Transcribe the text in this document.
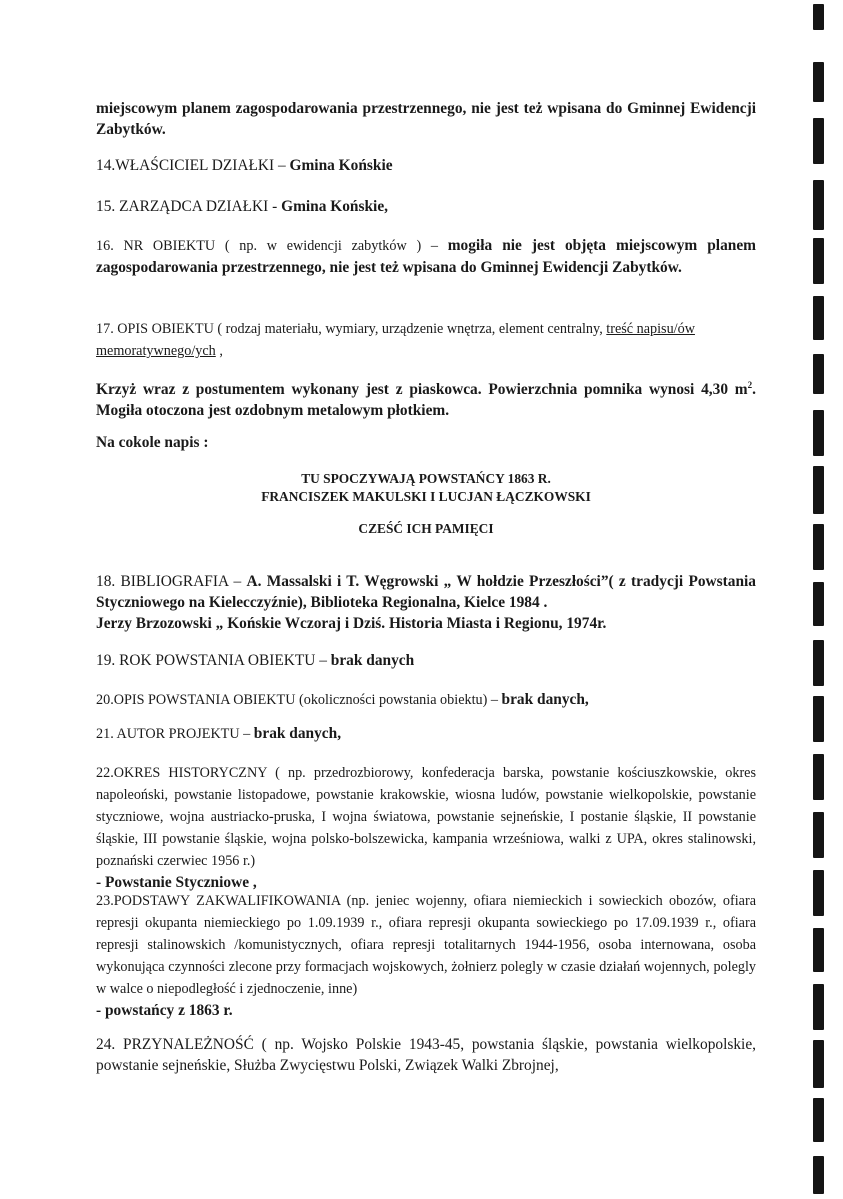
miejscowym planem zagospodarowania przestrzennego, nie jest też wpisana do Gminnej Ewidencji Zabytków.

14.WŁAŚCICIEL DZIAŁKI – Gmina Końskie

15. ZARZĄDCA DZIAŁKI - Gmina Końskie,

16. NR OBIEKTU ( np. w ewidencji zabytków ) – mogiła nie jest objęta miejscowym planem zagospodarowania przestrzennego, nie jest też wpisana do Gminnej Ewidencji Zabytków.

17. OPIS OBIEKTU ( rodzaj materiału, wymiary, urządzenie wnętrza, element centralny, treść napisu/ów memoratywnego/ych ,

Krzyż wraz z postumentem wykonany jest z piaskowca. Powierzchnia pomnika wynosi 4,30 $m^2$. Mogiła otoczona jest ozdobnym metalowym płotkiem.

Na cokole napis :

TU SPOCZYWAJĄ POWSTAŃCY 1863 R.
FRANCISZEK MAKULSKI I LUCJAN ŁĄCZKOWSKI
CZEŚĆ ICH PAMIĘCI

18. BIBLIOGRAFIA – A. Massalski i T. Węgrowski „ W hołdzie Przeszłości”( z tradycji Powstania Styczniowego na Kielecczyźnie), Biblioteka Regionalna, Kielce 1984 .
Jerzy Brzozowski „ Końskie Wczoraj i Dziś. Historia Miasta i Regionu, 1974r.

19. ROK POWSTANIA OBIEKTU – brak danych

20.OPIS POWSTANIA OBIEKTU (okoliczności powstania obiektu) – brak danych,

21. AUTOR PROJEKTU – brak danych,

22.OKRES HISTORYCZNY ( np. przedrozbiorowy, konfederacja barska, powstanie kościuszkowskie, okres napoleoński, powstanie listopadowe, powstanie krakowskie, wiosna ludów, powstanie wielkopolskie, powstanie styczniowe, wojna austriacko-pruska, I wojna światowa, powstanie sejneńskie, I postanie śląskie, II powstanie śląskie, III powstanie śląskie, wojna polsko-bolszewicka, kampania wrześniowa, walki z UPA, okres stalinowski, poznański czerwiec 1956 r.)
- Powstanie Styczniowe ,

23.PODSTAWY ZAKWALIFIKOWANIA (np. jeniec wojenny, ofiara niemieckich i sowieckich obozów, ofiara represji okupanta niemieckiego po 1.09.1939 r., ofiara represji okupanta sowieckiego po 17.09.1939 r., ofiara represji stalinowskich /komunistycznych, ofiara represji totalitarnych 1944-1956, osoba internowana, osoba wykonująca czynności zlecone przy formacjach wojskowych, żołnierz polegly w czasie działań wojennych, polegly w walce o niepodległość i zjednoczenie, inne)
- powstańcy z 1863 r.

24. PRZYNALEŻNOŚĆ ( np. Wojsko Polskie 1943-45, powstania śląskie, powstania wielkopolskie, powstanie sejneńskie, Służba Zwycięstwu Polski, Związek Walki Zbrojnej,
